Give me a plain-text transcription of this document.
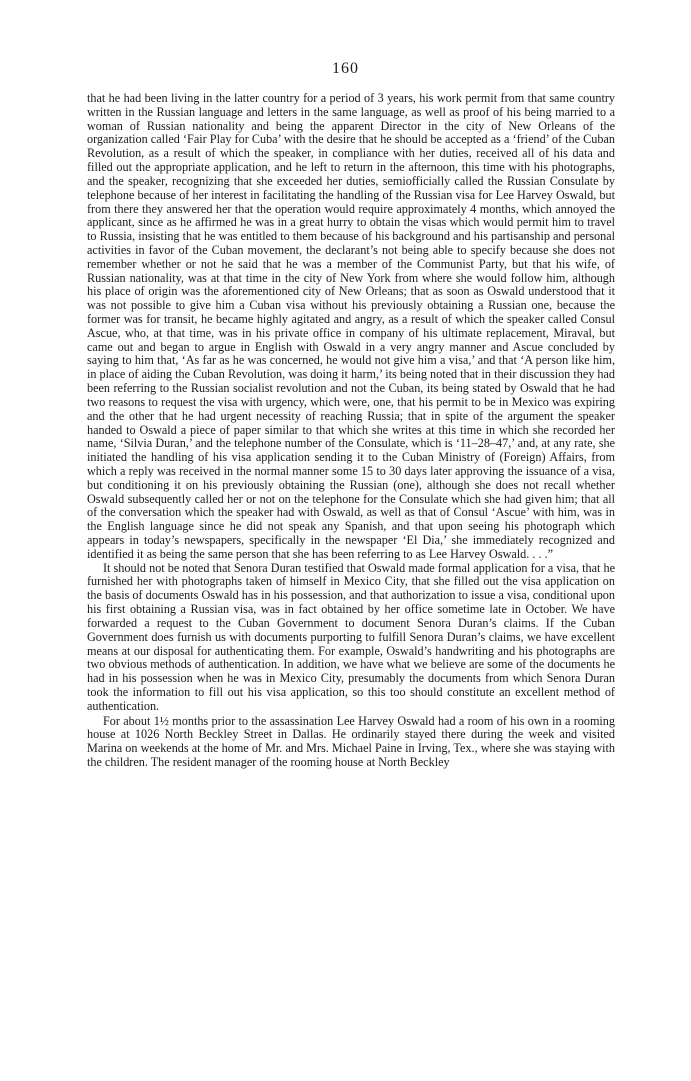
160

that he had been living in the latter country for a period of 3 years, his work permit from that same country written in the Russian language and letters in the same language, as well as proof of his being married to a woman of Russian nationality and being the apparent Director in the city of New Orleans of the organization called ‘Fair Play for Cuba’ with the desire that he should be accepted as a ‘friend’ of the Cuban Revolution, as a result of which the speaker, in compliance with her duties, received all of his data and filled out the appropriate application, and he left to return in the afternoon, this time with his photographs, and the speaker, recognizing that she exceeded her duties, semiofficially called the Russian Consulate by telephone because of her interest in facilitating the handling of the Russian visa for Lee Harvey Oswald, but from there they answered her that the operation would require approximately 4 months, which annoyed the applicant, since as he affirmed he was in a great hurry to obtain the visas which would permit him to travel to Russia, insisting that he was entitled to them because of his background and his partisanship and personal activities in favor of the Cuban movement, the declarant’s not being able to specify because she does not remember whether or not he said that he was a member of the Communist Party, but that his wife, of Russian nationality, was at that time in the city of New York from where she would follow him, although his place of origin was the aforementioned city of New Orleans; that as soon as Oswald understood that it was not possible to give him a Cuban visa without his previously obtaining a Russian one, because the former was for transit, he became highly agitated and angry, as a result of which the speaker called Consul Ascue, who, at that time, was in his private office in company of his ultimate replacement, Miraval, but came out and began to argue in English with Oswald in a very angry manner and Ascue concluded by saying to him that, ‘As far as he was concerned, he would not give him a visa,’ and that ‘A person like him, in place of aiding the Cuban Revolution, was doing it harm,’ its being noted that in their discussion they had been referring to the Russian socialist revolution and not the Cuban, its being stated by Oswald that he had two reasons to request the visa with urgency, which were, one, that his permit to be in Mexico was expiring and the other that he had urgent necessity of reaching Russia; that in spite of the argument the speaker handed to Oswald a piece of paper similar to that which she writes at this time in which she recorded her name, ‘Silvia Duran,’ and the telephone number of the Consulate, which is ‘11–28–47,’ and, at any rate, she initiated the handling of his visa application sending it to the Cuban Ministry of (Foreign) Affairs, from which a reply was received in the normal manner some 15 to 30 days later approving the issuance of a visa, but conditioning it on his previously obtaining the Russian (one), although she does not recall whether Oswald subsequently called her or not on the telephone for the Consulate which she had given him; that all of the conversation which the speaker had with Oswald, as well as that of Consul ‘Ascue’ with him, was in the English language since he did not speak any Spanish, and that upon seeing his photograph which appears in today’s newspapers, specifically in the newspaper ‘El Dia,’ she immediately recognized and identified it as being the same person that she has been referring to as Lee Harvey Oswald. . . .”

It should not be noted that Senora Duran testified that Oswald made formal application for a visa, that he furnished her with photographs taken of himself in Mexico City, that she filled out the visa application on the basis of documents Oswald has in his possession, and that authorization to issue a visa, conditional upon his first obtaining a Russian visa, was in fact obtained by her office sometime late in October. We have forwarded a request to the Cuban Government to document Senora Duran’s claims. If the Cuban Government does furnish us with documents purporting to fulfill Senora Duran’s claims, we have excellent means at our disposal for authenticating them. For example, Oswald’s handwriting and his photographs are two obvious methods of authentication. In addition, we have what we believe are some of the documents he had in his possession when he was in Mexico City, presumably the documents from which Senora Duran took the information to fill out his visa application, so this too should constitute an excellent method of authentication.

For about 1½ months prior to the assassination Lee Harvey Oswald had a room of his own in a rooming house at 1026 North Beckley Street in Dallas. He ordinarily stayed there during the week and visited Marina on weekends at the home of Mr. and Mrs. Michael Paine in Irving, Tex., where she was staying with the children. The resident manager of the rooming house at North Beckley
